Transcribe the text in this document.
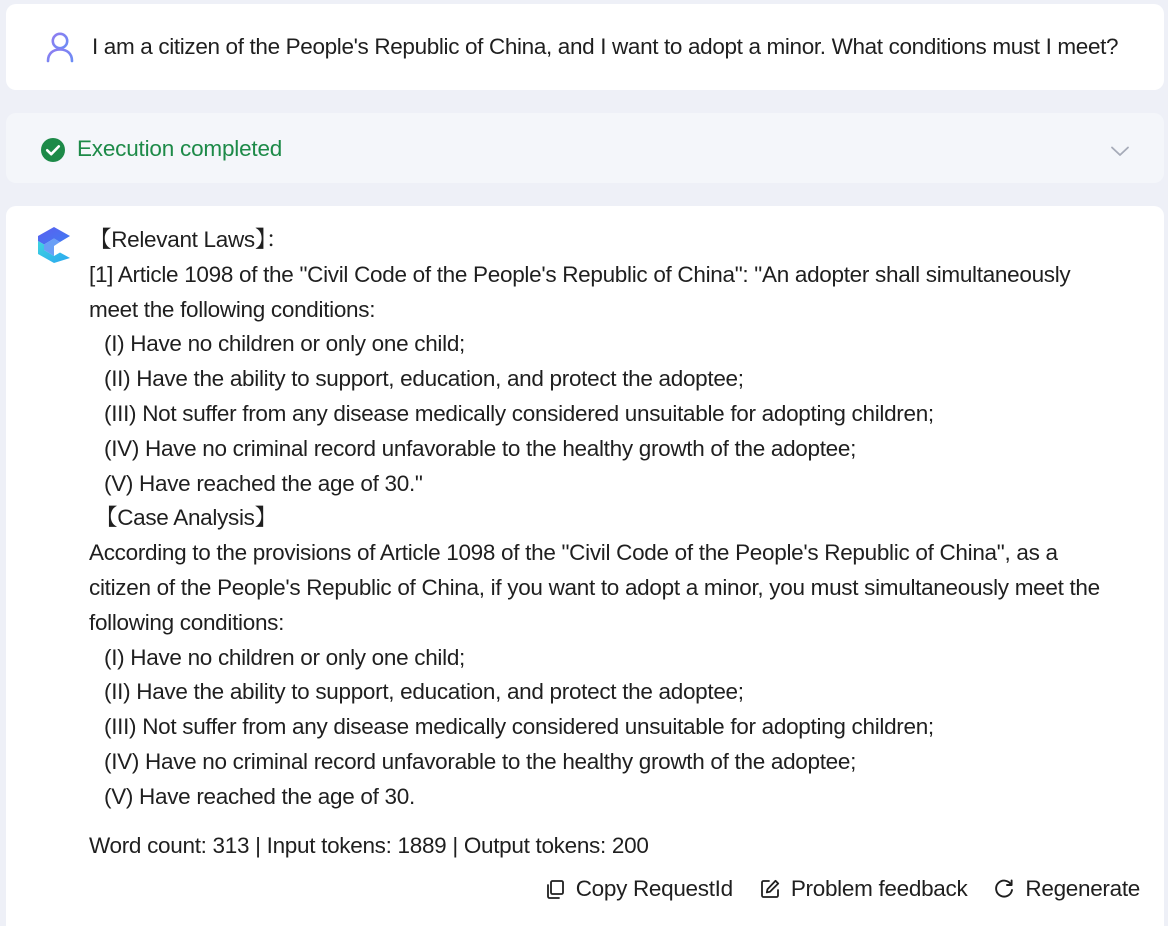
I am a citizen of the People's Republic of China, and I want to adopt a minor. What conditions must I meet?
Execution completed
【Relevant Laws】：
[1] Article 1098 of the "Civil Code of the People's Republic of China": "An adopter shall simultaneously
meet the following conditions:
(I) Have no children or only one child;
(II) Have the ability to support, education, and protect the adoptee;
(III) Not suffer from any disease medically considered unsuitable for adopting children;
(IV) Have no criminal record unfavorable to the healthy growth of the adoptee;
(V) Have reached the age of 30."
【Case Analysis】
According to the provisions of Article 1098 of the "Civil Code of the People's Republic of China", as a
citizen of the People's Republic of China, if you want to adopt a minor, you must simultaneously meet the
following conditions:
(I) Have no children or only one child;
(II) Have the ability to support, education, and protect the adoptee;
(III) Not suffer from any disease medically considered unsuitable for adopting children;
(IV) Have no criminal record unfavorable to the healthy growth of the adoptee;
(V) Have reached the age of 30.
Word count: 313 | Input tokens: 1889 | Output tokens: 200
Copy RequestId	Problem feedback	Regenerate
